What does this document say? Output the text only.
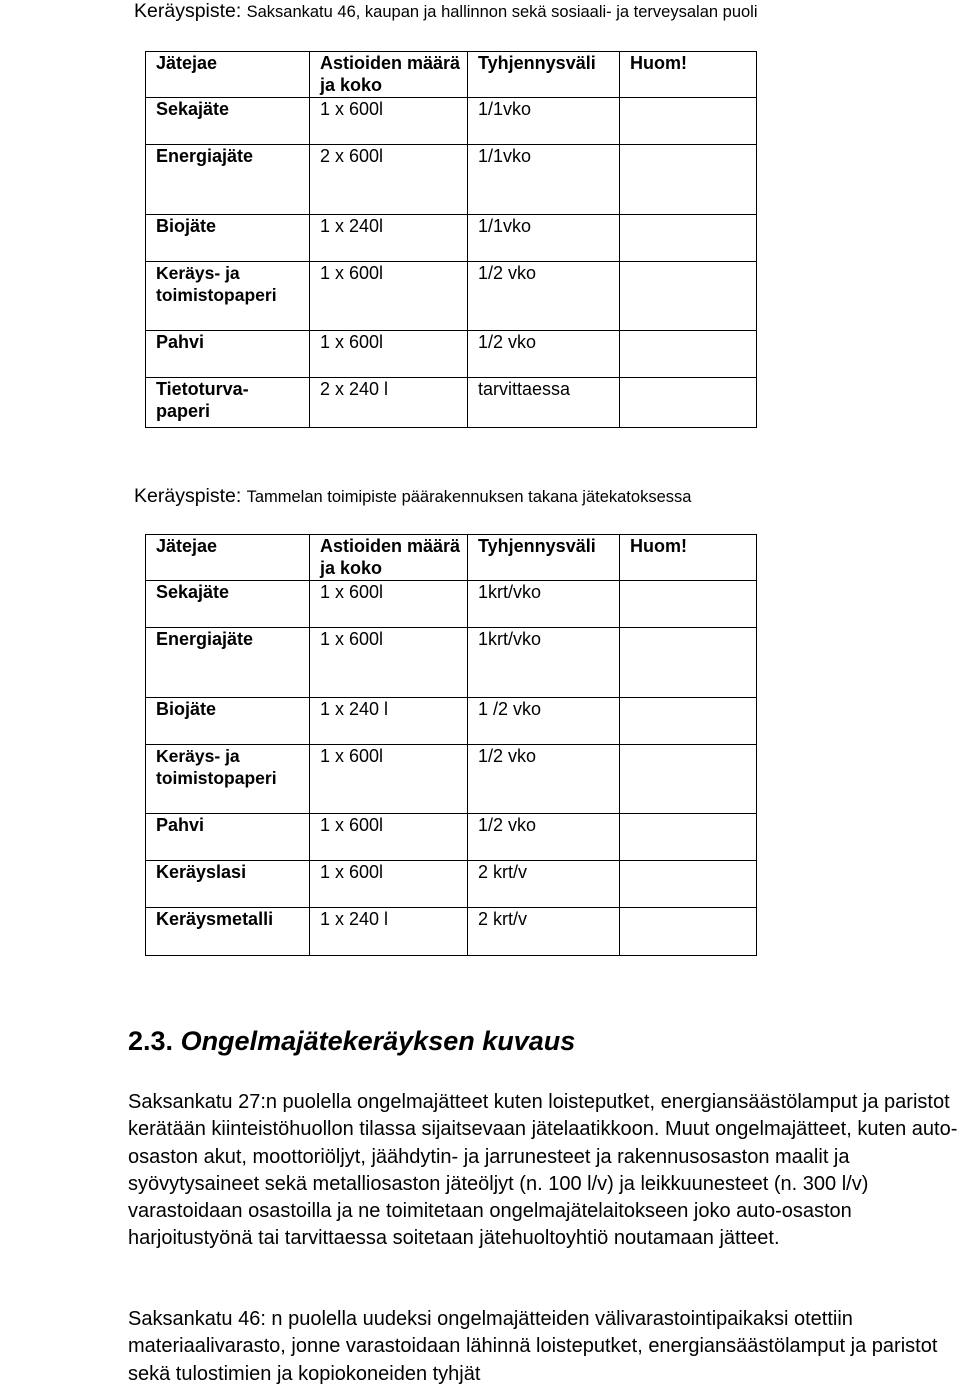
Keräyspiste: Saksankatu 46, kaupan ja hallinnon sekä sosiaali- ja terveysalan puoli
Jätejae	Astioiden määrä ja koko	Tyhjennysväli	Huom!
Sekajäte	1 x 600l	1/1vko	
Energiajäte	2 x 600l	1/1vko	
Biojäte	1 x 240l	1/1vko	
Keräys- ja toimistopaperi	1 x 600l	1/2 vko	
Pahvi	1 x 600l	1/2 vko	
Tietoturva-paperi	2 x 240 l	tarvittaessa	
Keräyspiste: Tammelan toimipiste päärakennuksen takana jätekatoksessa
Jätejae	Astioiden määrä ja koko	Tyhjennysväli	Huom!
Sekajäte	1 x 600l	1krt/vko	
Energiajäte	1 x 600l	1krt/vko	
Biojäte	1 x 240 l	1 /2 vko	
Keräys- ja toimistopaperi	1 x 600l	1/2 vko	
Pahvi	1 x 600l	1/2 vko	
Keräyslasi	1 x 600l	2 krt/v	
Keräysmetalli	1 x 240 l	2 krt/v	
2.3. Ongelmajätekeräyksen kuvaus

Saksankatu 27:n puolella ongelmajätteet kuten loisteputket, energiansäästölamput ja paristot kerätään kiinteistöhuollon tilassa sijaitsevaan jätelaatikkoon. Muut ongelmajätteet, kuten auto-osaston akut, moottoriöljyt, jäähdytin- ja jarrunesteet ja rakennusosaston maalit ja syövytysaineet sekä metalliosaston jäteöljyt (n. 100 l/v) ja leikkuunesteet (n. 300 l/v) varastoidaan osastoilla ja ne toimitetaan ongelmajätelaitokseen joko auto-osaston harjoitustyönä tai tarvittaessa soitetaan jätehuoltoyhtiö noutamaan jätteet.

Saksankatu 46: n puolella uudeksi ongelmajätteiden välivarastointipaikaksi otettiin materiaalivarasto, jonne varastoidaan lähinnä loisteputket, energiansäästölamput ja paristot sekä tulostimien ja kopiokoneiden tyhjät
